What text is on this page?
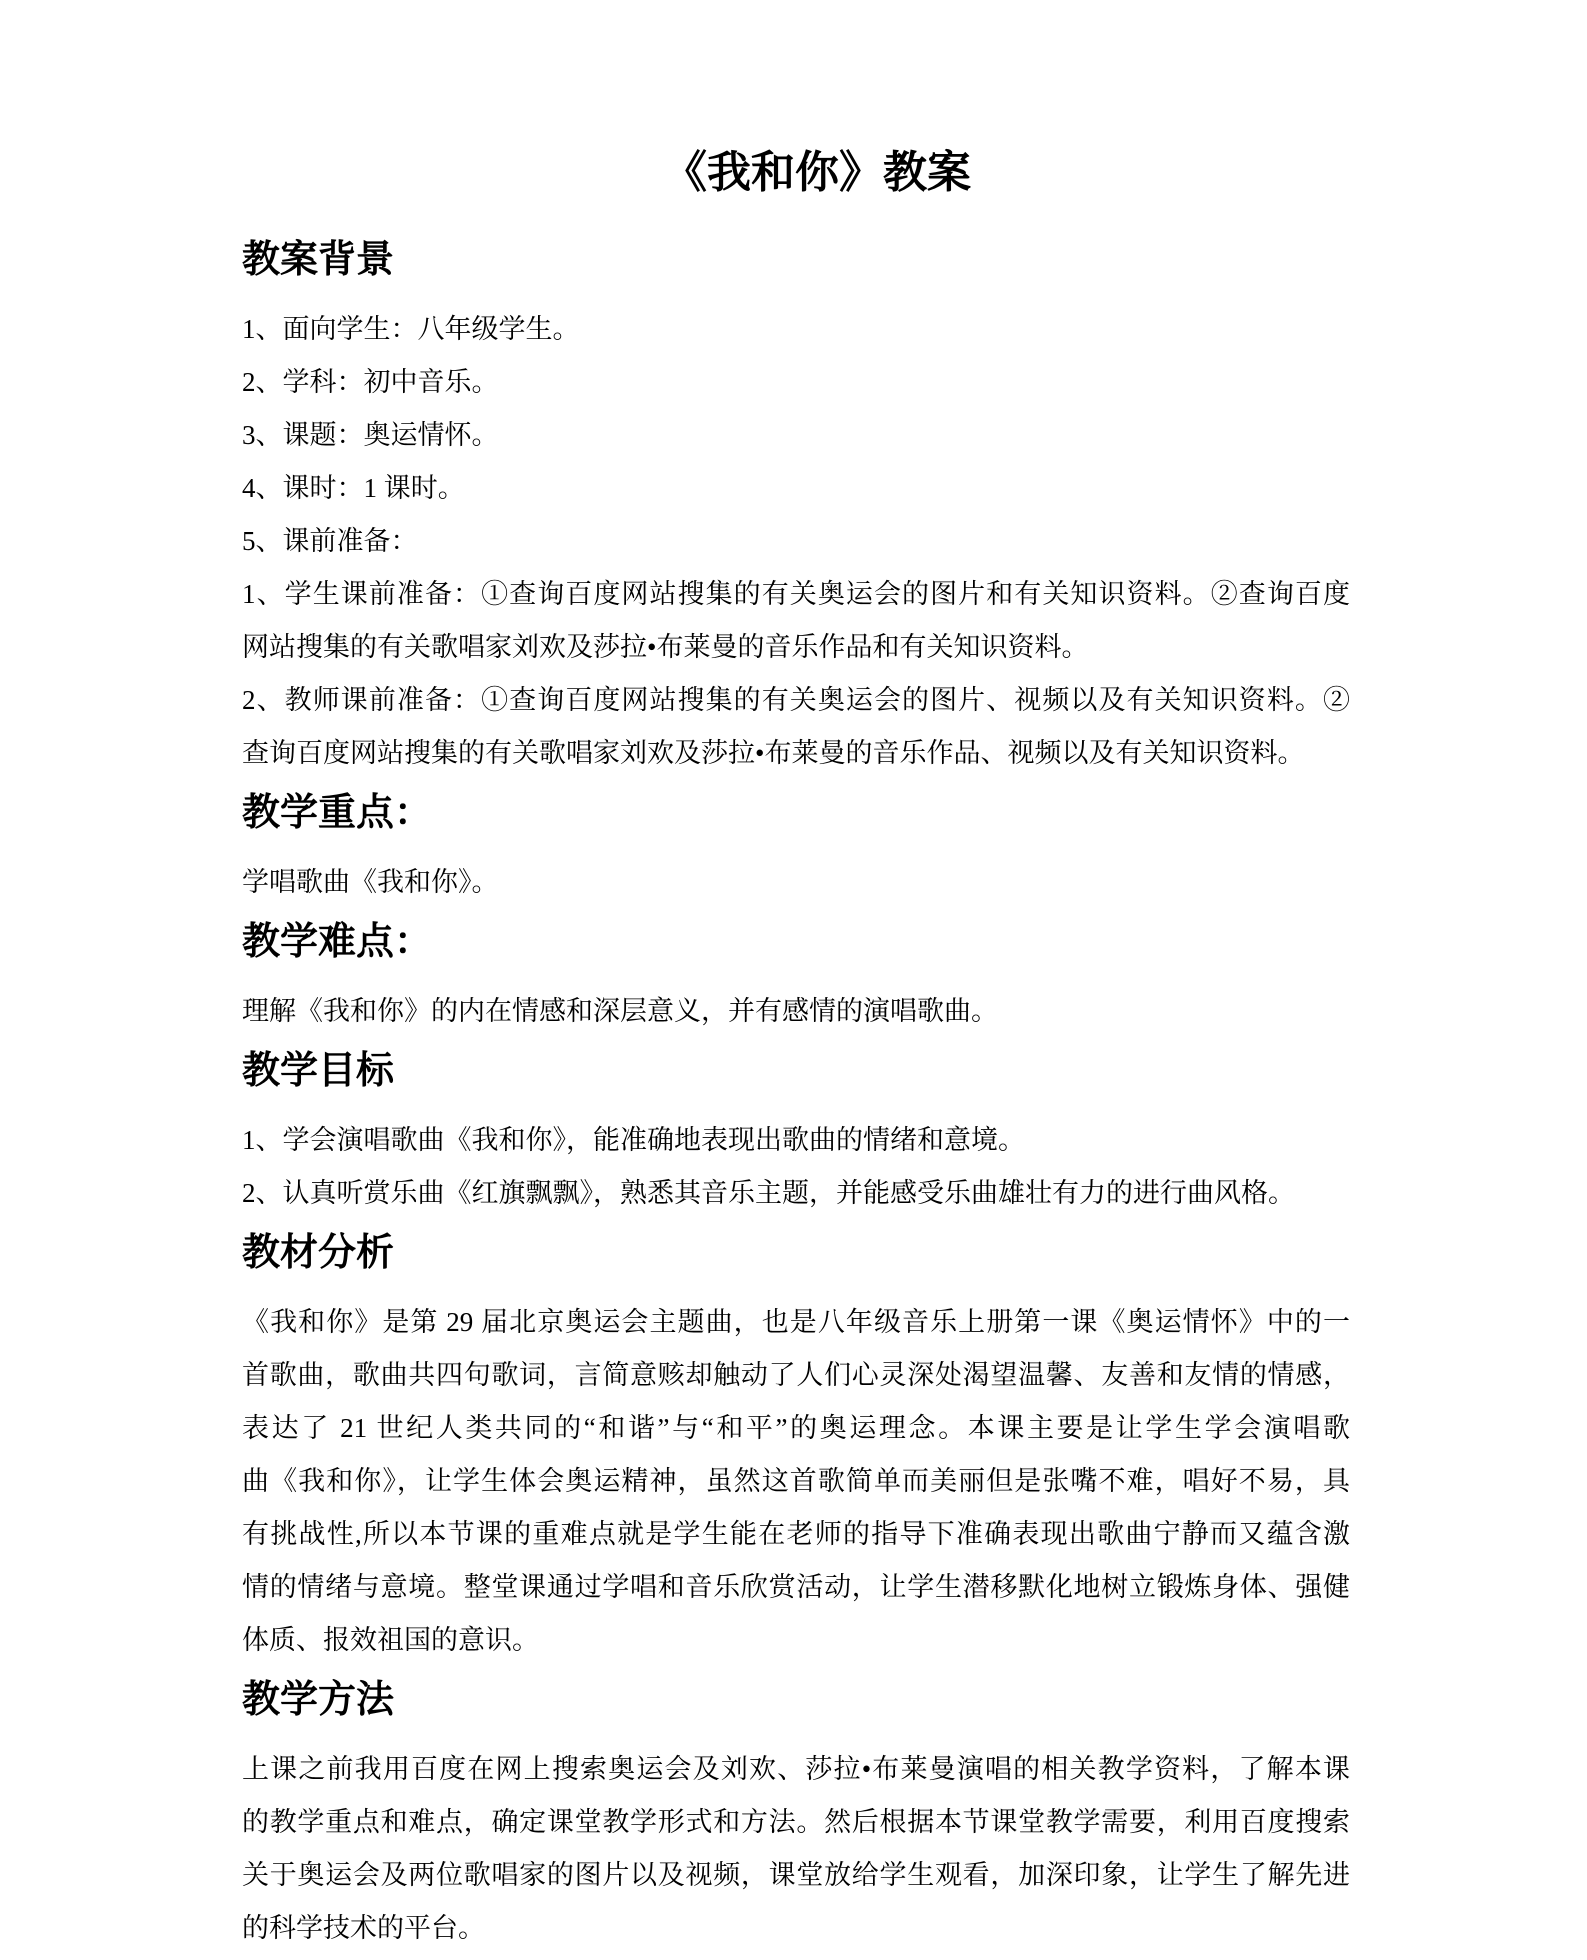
《我和你》教案
教案背景

1、面向学生：八年级学生。

2、学科：初中音乐。

3、课题：奥运情怀。

4、课时：1 课时。

5、课前准备：

1、学生课前准备：①查询百度网站搜集的有关奥运会的图片和有关知识资料。②查询百度

网站搜集的有关歌唱家刘欢及莎拉•布莱曼的音乐作品和有关知识资料。

2、教师课前准备：①查询百度网站搜集的有关奥运会的图片、视频以及有关知识资料。②

查询百度网站搜集的有关歌唱家刘欢及莎拉•布莱曼的音乐作品、视频以及有关知识资料。

教学重点：

学唱歌曲《我和你》。

教学难点：

理解《我和你》的内在情感和深层意义，并有感情的演唱歌曲。

教学目标

1、学会演唱歌曲《我和你》，能准确地表现出歌曲的情绪和意境。

2、认真听赏乐曲《红旗飘飘》，熟悉其音乐主题，并能感受乐曲雄壮有力的进行曲风格。

教材分析

《我和你》是第 29 届北京奥运会主题曲，也是八年级音乐上册第一课《奥运情怀》中的一

首歌曲，歌曲共四句歌词，言简意赅却触动了人们心灵深处渴望温馨、友善和友情的情感，

表达了 21 世纪人类共同的“和谐”与“和平”的奥运理念。本课主要是让学生学会演唱歌

曲《我和你》，让学生体会奥运精神，虽然这首歌简单而美丽但是张嘴不难，唱好不易，具

有挑战性,所以本节课的重难点就是学生能在老师的指导下准确表现出歌曲宁静而又蕴含激

情的情绪与意境。整堂课通过学唱和音乐欣赏活动，让学生潜移默化地树立锻炼身体、强健

体质、报效祖国的意识。

教学方法

上课之前我用百度在网上搜索奥运会及刘欢、莎拉•布莱曼演唱的相关教学资料，了解本课

的教学重点和难点，确定课堂教学形式和方法。然后根据本节课堂教学需要，利用百度搜索

关于奥运会及两位歌唱家的图片以及视频，课堂放给学生观看，加深印象，让学生了解先进

的科学技术的平台。
